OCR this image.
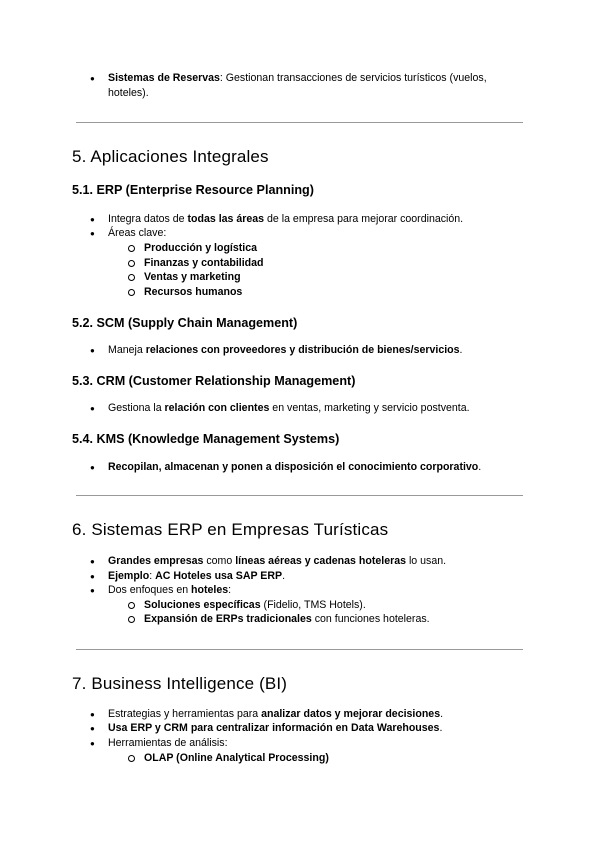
● Sistemas de Reservas: Gestionan transacciones de servicios turísticos (vuelos,
hoteles).
5. Aplicaciones Integrales
5.1. ERP (Enterprise Resource Planning)
● Integra datos de todas las áreas de la empresa para mejorar coordinación.
● Áreas clave:
Producción y logística
Finanzas y contabilidad
Ventas y marketing
Recursos humanos
5.2. SCM (Supply Chain Management)
● Maneja relaciones con proveedores y distribución de bienes/servicios.
5.3. CRM (Customer Relationship Management)
● Gestiona la relación con clientes en ventas, marketing y servicio postventa.
5.4. KMS (Knowledge Management Systems)
● Recopilan, almacenan y ponen a disposición el conocimiento corporativo.
6. Sistemas ERP en Empresas Turísticas
● Grandes empresas como líneas aéreas y cadenas hoteleras lo usan.
● Ejemplo: AC Hoteles usa SAP ERP.
● Dos enfoques en hoteles:
Soluciones específicas (Fidelio, TMS Hotels).
Expansión de ERPs tradicionales con funciones hoteleras.
7. Business Intelligence (BI)
● Estrategias y herramientas para analizar datos y mejorar decisiones.
● Usa ERP y CRM para centralizar información en Data Warehouses.
● Herramientas de análisis:
OLAP (Online Analytical Processing)
